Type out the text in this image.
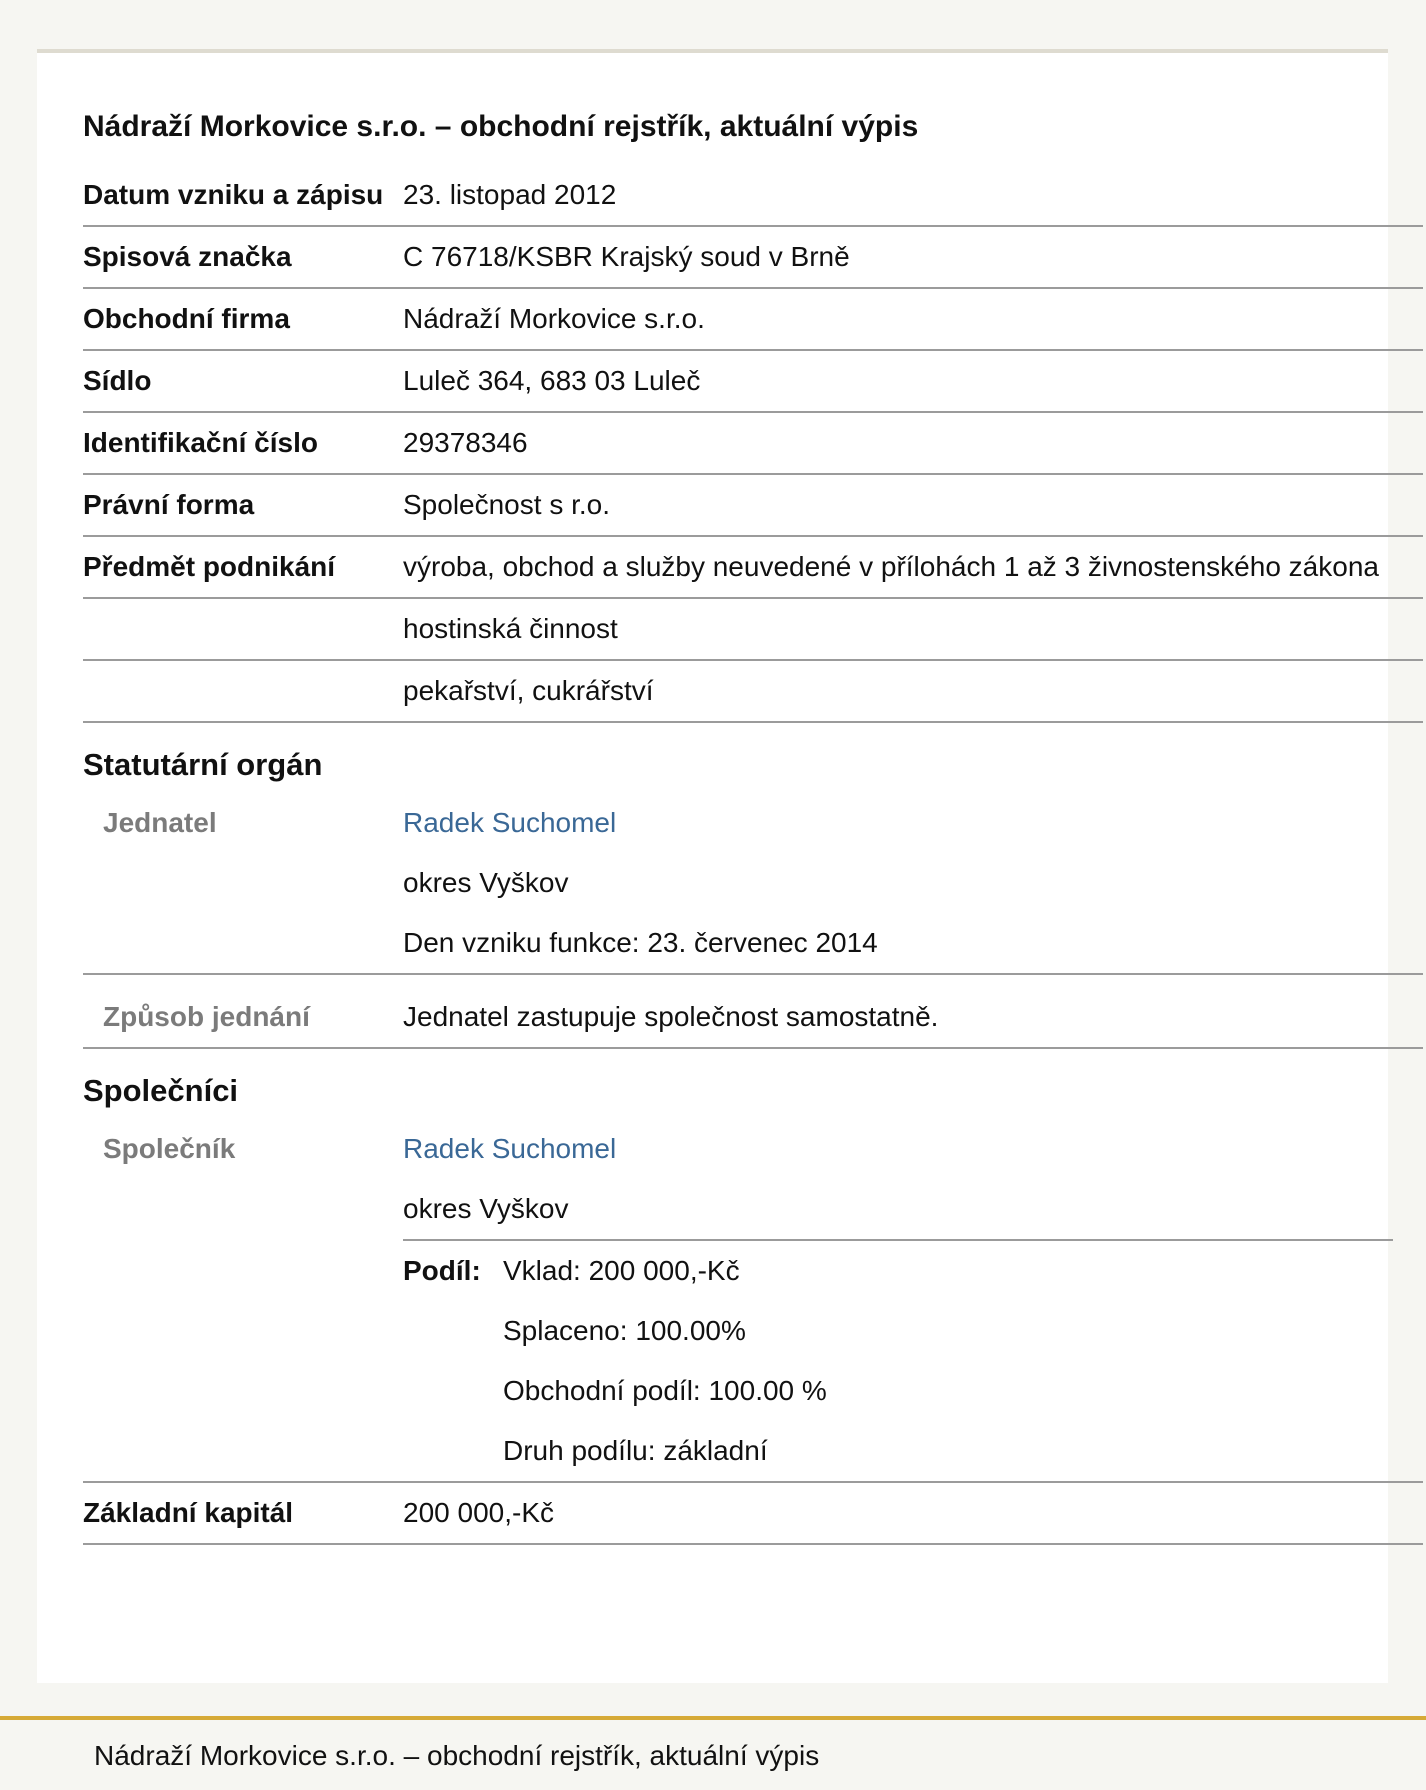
Nádraží Morkovice s.r.o. – obchodní rejstřík, aktuální výpis
Datum vzniku a zápisu 23. listopad 2012
Spisová značka	C 76718/KSBR Krajský soud v Brně
Obchodní firma	Nádraží Morkovice s.r.o.
Sídlo	Luleč 364, 683 03 Luleč
Identifikační číslo	29378346
Právní forma	Společnost s r.o.
Předmět podnikání	výroba, obchod a služby neuvedené v přílohách 1 až 3 živnostenského zákona
hostinská činnost
pekařství, cukrářství
Statutární orgán
Jednatel	Radek Suchomel
okres Vyškov
Den vzniku funkce: 23. červenec 2014
Způsob jednání	Jednatel zastupuje společnost samostatně.
Společníci
Společník	Radek Suchomel
okres Vyškov
Podíl: Vklad: 200 000,-Kč
Splaceno: 100.00%
Obchodní podíl: 100.00 %
Druh podílu: základní
Základní kapitál	200 000,-Kč
Nádraží Morkovice s.r.o. – obchodní rejstřík, aktuální výpis
